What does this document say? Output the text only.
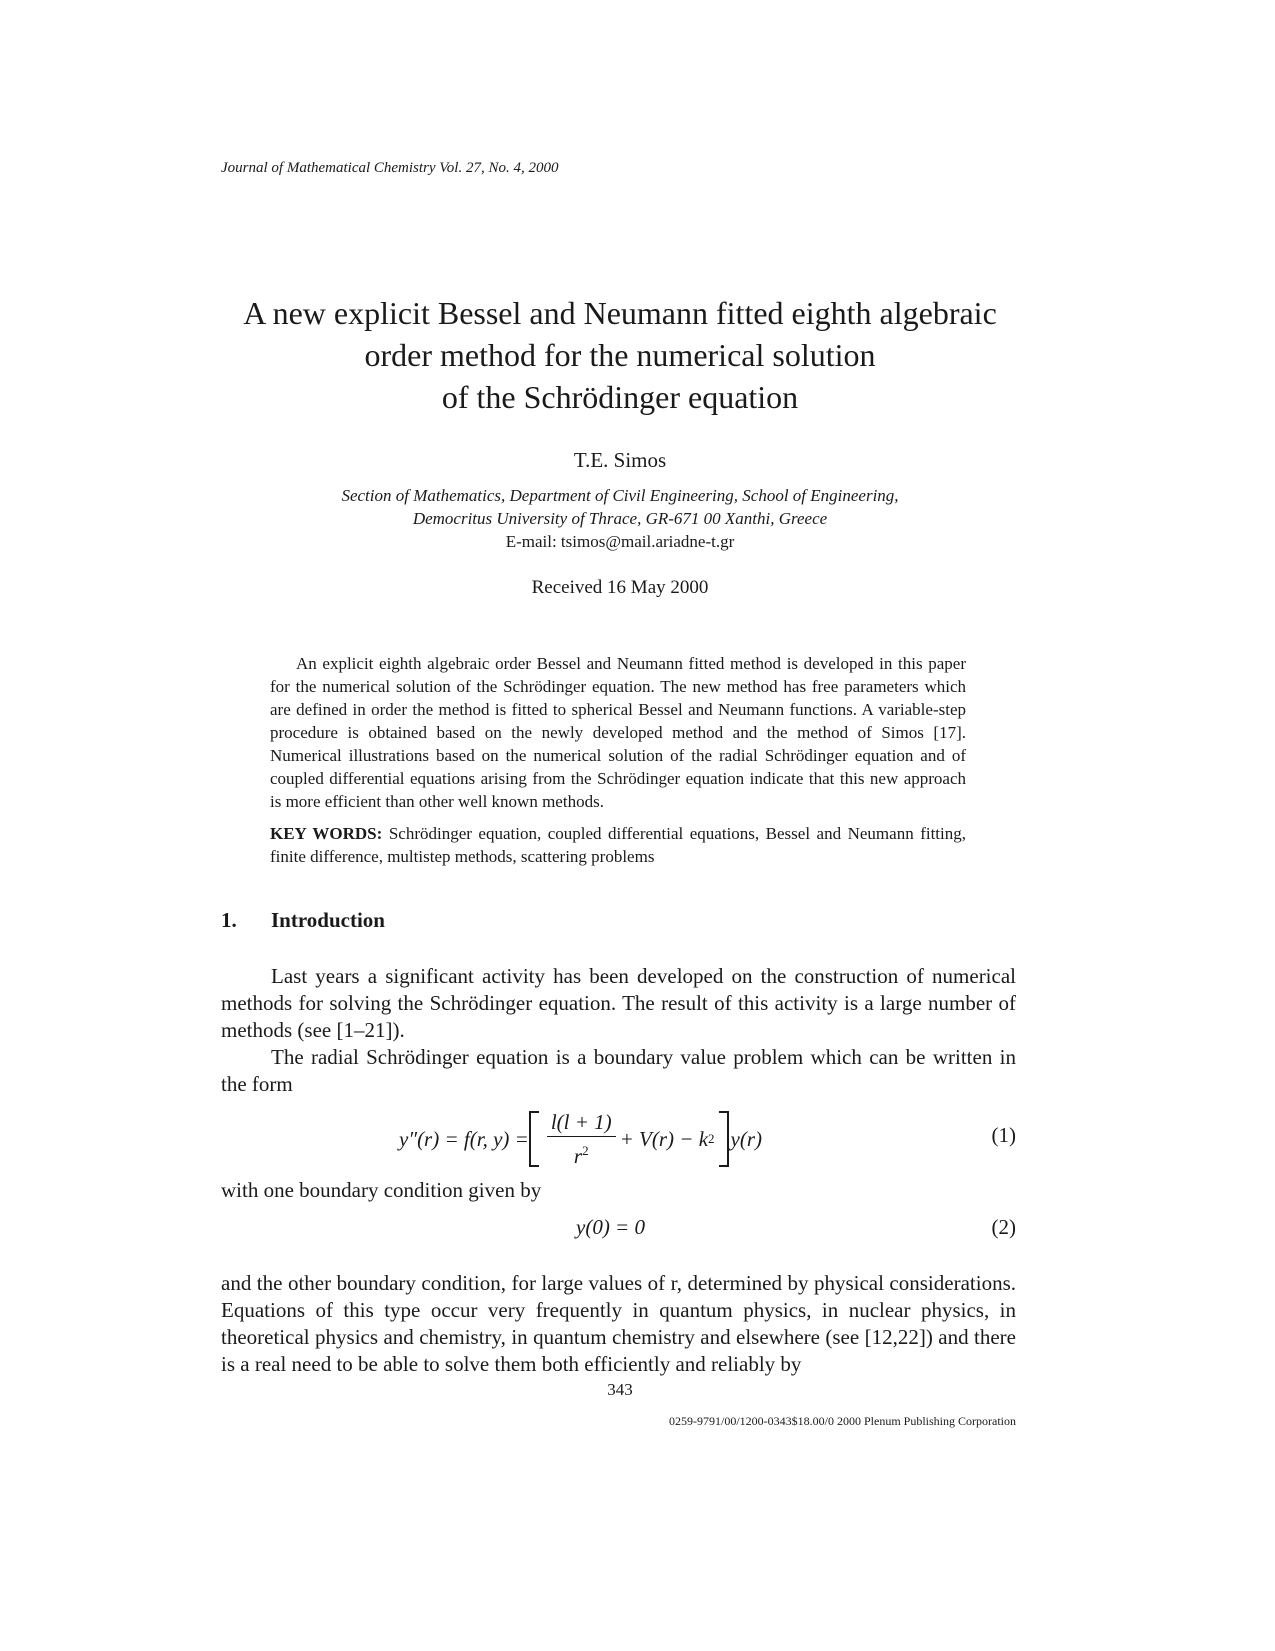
Journal of Mathematical Chemistry Vol. 27, No. 4, 2000
A new explicit Bessel and Neumann fitted eighth algebraic
order method for the numerical solution
of the Schrödinger equation
T.E. Simos
Section of Mathematics, Department of Civil Engineering, School of Engineering,
Democritus University of Thrace, GR-671 00 Xanthi, Greece
E-mail: tsimos@mail.ariadne-t.gr
Received 16 May 2000

An explicit eighth algebraic order Bessel and Neumann fitted method is developed in this paper for the numerical solution of the Schrödinger equation. The new method has free parameters which are defined in order the method is fitted to spherical Bessel and Neumann functions. A variable-step procedure is obtained based on the newly developed method and the method of Simos [17]. Numerical illustrations based on the numerical solution of the radial Schrödinger equation and of coupled differential equations arising from the Schrödinger equation indicate that this new approach is more efficient than other well known methods.

KEY WORDS: Schrödinger equation, coupled differential equations, Bessel and Neumann fitting, finite difference, multistep methods, scattering problems

1. Introduction

Last years a significant activity has been developed on the construction of numerical methods for solving the Schrödinger equation. The result of this activity is a large number of methods (see [1–21]).

The radial Schrödinger equation is a boundary value problem which can be written in the form

y″(r) = f(r, $y) = \frac{l(l + 1)}{r^2} + V(r) - k$ 2 y(r)	(1)

with one boundary condition given by

y(0) = 0	(2)

and the other boundary condition, for large values of r, determined by physical considerations. Equations of this type occur very frequently in quantum physics, in nuclear physics, in theoretical physics and chemistry, in quantum chemistry and elsewhere (see [12,22]) and there is a real need to be able to solve them both efficiently and reliably by

343
0259-9791/00/1200-0343$18.00/0 2000 Plenum Publishing Corporation
